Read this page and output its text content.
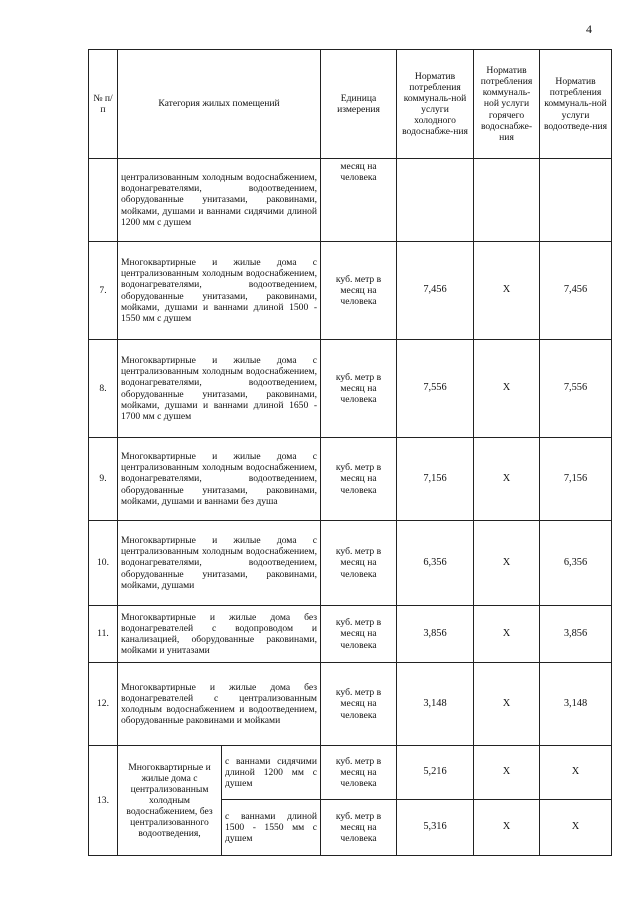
4
№ п/п	Категория жилых помещений		Единица измерения	Норматив потребления коммуналь-ной услуги холодного водоснабже-ния	Норматив потребления коммуналь-ной услуги горячего водоснабже-ния	Норматив потребления коммуналь-ной услуги водоотведе-ния
	централизованным холодным водоснабжением, водонагревателями, водоотведением, оборудованные унитазами, раковинами, мойками, душами и ваннами сидячими длиной 1200 мм с душем		месяц на человека			
7.	Многоквартирные и жилые дома с централизованным холодным водоснабжением, водонагревателями, водоотведением, оборудованные унитазами, раковинами, мойками, душами и ваннами длиной 1500 - 1550 мм с душем		куб. метр в месяц на человека	7,456	X	7,456
8.	Многоквартирные и жилые дома с централизованным холодным водоснабжением, водонагревателями, водоотведением, оборудованные унитазами, раковинами, мойками, душами и ваннами длиной 1650 - 1700 мм с душем		куб. метр в месяц на человека	7,556	X	7,556
9.	Многоквартирные и жилые дома с централизованным холодным водоснабжением, водонагревателями, водоотведением, оборудованные унитазами, раковинами, мойками, душами и ваннами без душа		куб. метр в месяц на человека	7,156	X	7,156
10.	Многоквартирные и жилые дома с централизованным холодным водоснабжением, водонагревателями, водоотведением, оборудованные унитазами, раковинами, мойками, душами		куб. метр в месяц на человека	6,356	X	6,356
11.	Многоквартирные и жилые дома без водонагревателей с водопроводом и канализацией, оборудованные раковинами, мойками и унитазами		куб. метр в месяц на человека	3,856	X	3,856
12.	Многоквартирные и жилые дома без водонагревателей с централизованным холодным водоснабжением и водоотведением, оборудованные раковинами и мойками		куб. метр в месяц на человека	3,148	X	3,148
13.	Многоквартирные и жилые дома с централизованным холодным водоснабжением, без централизованного водоотведения,	с ваннами сидячими длиной 1200 мм с душем	куб. метр в месяц на человека	5,216	X	X
		с ваннами длиной 1500 - 1550 мм с душем	куб. метр в месяц на человека	5,316	X	X
